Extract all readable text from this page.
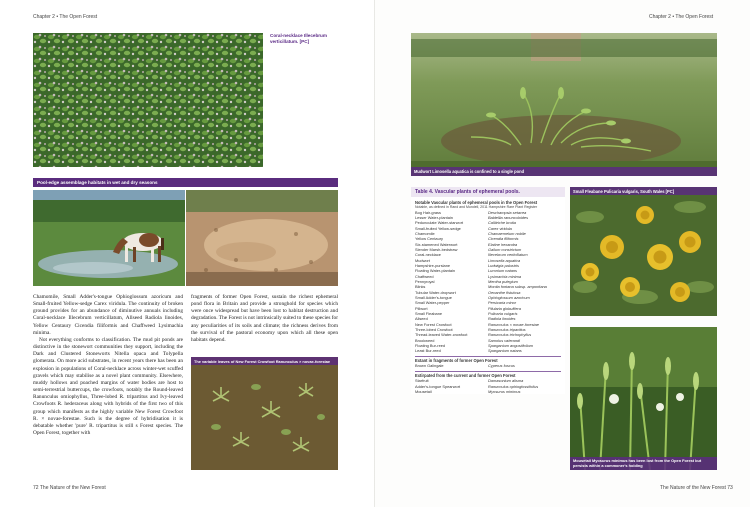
Chapter 2 • The Open Forest
Coral-necklace Illecebrum verticillatum. [PC]
Pool-edge assemblage habitats in wet and dry seasons

Chamomile, Small Adder's-tongue Ophioglossum azoricum and Small-fruited Yellow-sedge Carex viridula. The continuity of broken ground provides for an abundance of diminutive annuals including Coral-necklace Illecebrum verticillatum, Allseed Radiola linoides, Yellow Centaury Cicendia filiformis and Chaffweed Lysimachia minima.

Not everything conforms to classification. The mud pit ponds are distinctive in the stonewort communities they support, including the Dark and Clustered Stoneworts Nitella opaca and Tolypella glomerata. On more acid substrates, in recent years there has been an explosion in populations of Coral-necklace across winter-wet scuffed gravels which may stabilise as a novel plant community. Elsewhere, muddy hollows and poached margins of water bodies are host to semi-terrestrial buttercups, the crowfoots, notably the Round-leaved Ranunculus omiophyllus, Three-lobed R. tripartitus and Ivy-leaved Crowfoots R. hederaceus along with hybrids of the first two of this group which manifests as the highly variable New Forest Crowfoot R. × novae-forestae. Such is the degree of hybridisation it is debatable whether 'pure' R. tripartitus is still s Forest species. The Open Forest, together with

fragments of former Open Forest, sustain the richest ephemeral pond flora in Britain and provide a stronghold for species which were once widespread but have been lost to habitat destruction and degradation. The Forest is not intrinsically suited to these species for any peculiarities of its soils and climate; the richness derives from the survival of the pastoral economy upon which all these open habitats depend.

The variable leaves of New Forest Crowfoot Ranunculus × novae-forestae
72 The Nature of the New Forest
Chapter 2 • The Open Forest
Mudwort Limosella aquatica is confined to a single pond
Table 4. Vascular plants of ephemeral pools.
Notable Vascular plants of ephemeral pools in the Open Forest
Notable, as defined in Rand and Mundell, 2011 Hampshire Rare Plant Register
Bog Hair-grass	Deschampsia setacea
Lesser Water-plantain	Baldellia ranunculoides
Pedunculate Water-starwort	Callitriche brutia
Small-fruited Yellow-sedge	Carex viridula
Chamomile	Chamaemelum nobile
Yellow Centaury	Cicendia filiformis
Six-stamened Waterwort	Elatine hexandra
Slender Marsh-bedstraw	Galium constrictum
Coral-necklace	Illecebrum verticillatum
Mudwort	Limosella aquatica
Hampshire-purslane	Ludwigia palustris
Floating Water-plantain	Luronium natans
Chaffweed	Lysimachia minima
Pennyroyal	Mentha pulegium
Blinks	Montia fontana subsp. amporitana
Tubular Water-dropwort	Oenanthe fistulosa
Small Adder's-tongue	Ophioglossum azoricum
Small Water-pepper	Persicaria minor
Pillwort	Pilularia globulifera
Small Fleabane	Pulicaria vulgaris
Allseed	Radiola linoides
New Forest Crowfoot	Ranunculus × novae-forestae
Three-lobed Crowfoot	Ranunculus tripartitus
Thread-leaved Water-crowfoot	Ranunculus trichophyllus
Brookweed	Samolus valerandi
Floating Bur-reed	Sparganium angustifolium
Least Bur-reed	Sparganium natans
Extant in fragments of former Open Forest
Brown Galingale	Cyperus fuscus
Extirpated from the current and former Open Forest
Starfruit	Damasonium alisma
Adder's-tongue Spearwort	Ranunculus ophioglossifolius
Mousetail	Myosurus minimus
Small Fleabane Pulicaria vulgaris, South Wales [PC]
Mousetail Myosurus minimus has been lost from the Open Forest but persists within a commoner's holding
The Nature of the New Forest 73
